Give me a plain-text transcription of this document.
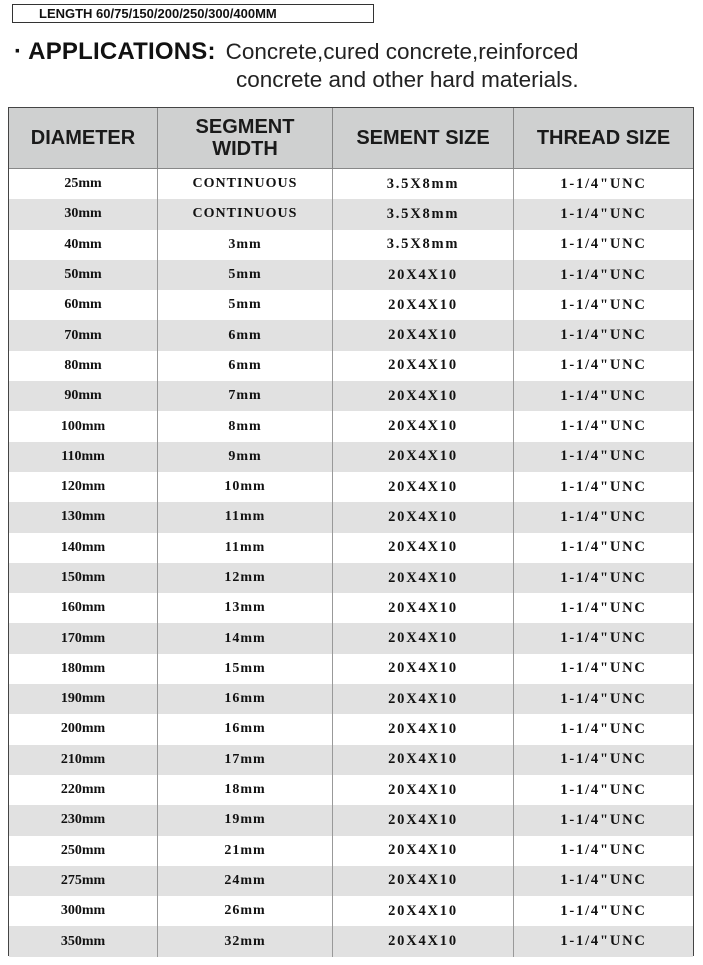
LENGTH 60/75/150/200/250/300/400MM
· APPLICATIONS: Concrete,cured concrete,reinforced
concrete and other hard materials.
DIAMETER	SEGMENT WIDTH	SEMENT SIZE	THREAD SIZE
25mm	CONTINUOUS	3.5X8mm	1-1/4"UNC
30mm	CONTINUOUS	3.5X8mm	1-1/4"UNC
40mm	3mm	3.5X8mm	1-1/4"UNC
50mm	5mm	20X4X10	1-1/4"UNC
60mm	5mm	20X4X10	1-1/4"UNC
70mm	6mm	20X4X10	1-1/4"UNC
80mm	6mm	20X4X10	1-1/4"UNC
90mm	7mm	20X4X10	1-1/4"UNC
100mm	8mm	20X4X10	1-1/4"UNC
110mm	9mm	20X4X10	1-1/4"UNC
120mm	10mm	20X4X10	1-1/4"UNC
130mm	11mm	20X4X10	1-1/4"UNC
140mm	11mm	20X4X10	1-1/4"UNC
150mm	12mm	20X4X10	1-1/4"UNC
160mm	13mm	20X4X10	1-1/4"UNC
170mm	14mm	20X4X10	1-1/4"UNC
180mm	15mm	20X4X10	1-1/4"UNC
190mm	16mm	20X4X10	1-1/4"UNC
200mm	16mm	20X4X10	1-1/4"UNC
210mm	17mm	20X4X10	1-1/4"UNC
220mm	18mm	20X4X10	1-1/4"UNC
230mm	19mm	20X4X10	1-1/4"UNC
250mm	21mm	20X4X10	1-1/4"UNC
275mm	24mm	20X4X10	1-1/4"UNC
300mm	26mm	20X4X10	1-1/4"UNC
350mm	32mm	20X4X10	1-1/4"UNC
